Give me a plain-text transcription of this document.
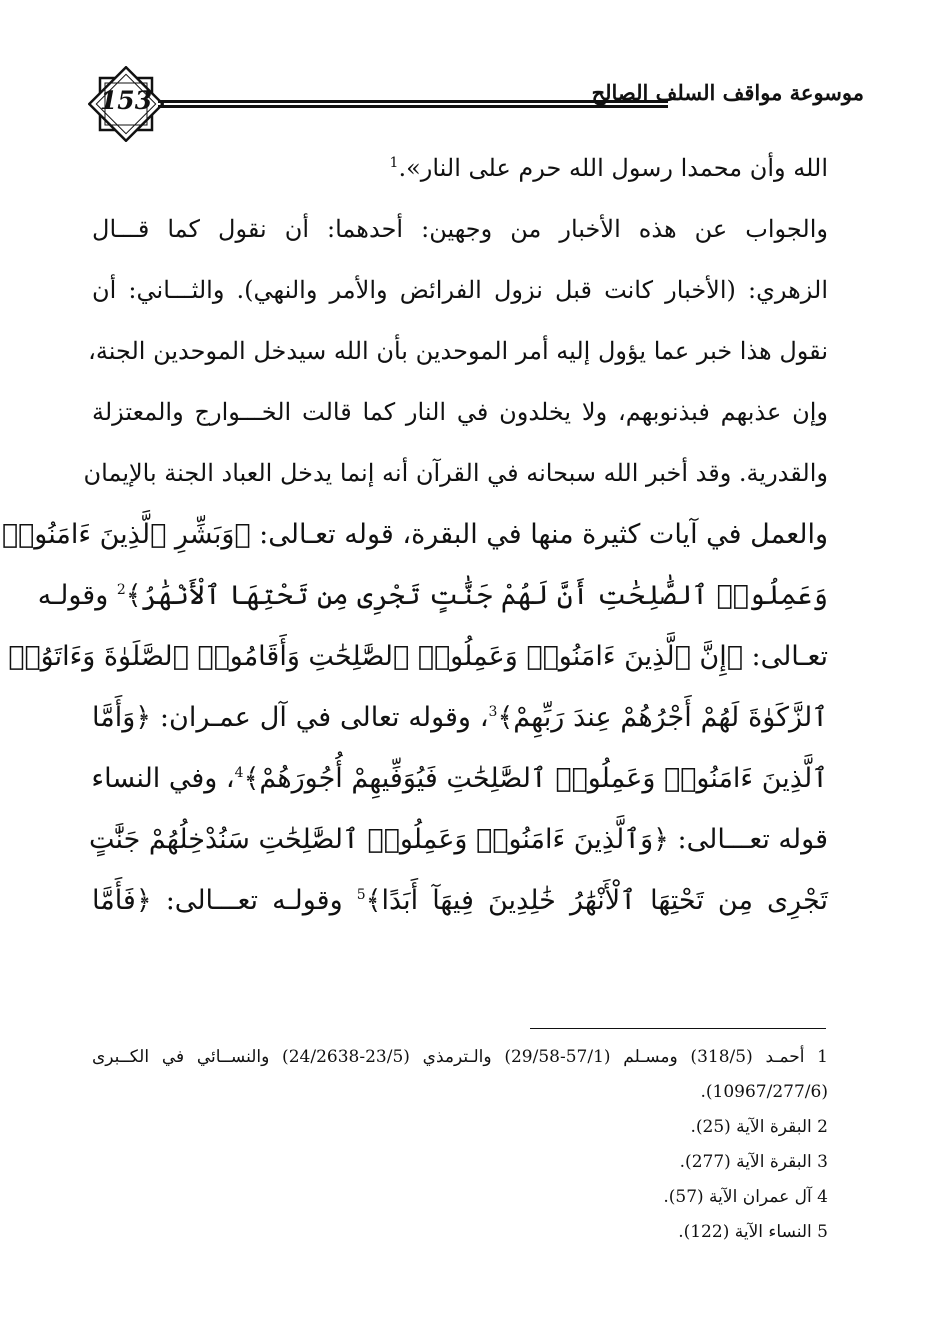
153	موسوعة مواقف السلف الصالح
الله وأن محمدا رسول الله حرم على النار».$^1$
والجواب عن هذه الأخبار من وجهين: أحدهما: أن نقول كما قـــال
الزهري: (الأخبار كانت قبل نزول الفرائض والأمر والنهي). والثـــاني: أن
نقول هذا خبر عما يؤول إليه أمر الموحدين بأن الله سيدخل الموحدين الجنة،
وإن عذبهم فبذنوبهم، ولا يخلدون في النار كما قالت الخـــوارج والمعتزلة
والقدرية. وقد أخبر الله سبحانه في القرآن أنه إنما يدخل العباد الجنة بالإيمان
والعمل في آيات كثيرة منها في البقرة، قوله تعـالى: ﴿وَبَشِّرِ ٱلَّذِينَ ءَامَنُوا۟
وَعَمِلُوا۟ ٱلصَّٰلِحَٰتِ أَنَّ لَهُمْ جَنَّٰتٍ تَجْرِى مِن تَحْتِهَا ٱلْأَنْهَٰرُ﴾$^2$ وقولـه
تعـالى: ﴿إِنَّ ٱلَّذِينَ ءَامَنُوا۟ وَعَمِلُوا۟ ٱلصَّٰلِحَٰتِ وَأَقَامُوا۟ ٱلصَّلَوٰةَ وَءَاتَوُا۟
ٱلزَّكَوٰةَ لَهُمْ أَجْرُهُمْ عِندَ رَبِّهِمْ﴾$^3$، وقوله تعالى في آل عمـران: ﴿وَأَمَّا
ٱلَّذِينَ ءَامَنُوا۟ وَعَمِلُوا۟ ٱلصَّٰلِحَٰتِ فَيُوَفِّيهِمْ أُجُورَهُمْ﴾$^4$، وفي النساء
قوله تعـــالى: ﴿وَٱلَّذِينَ ءَامَنُوا۟ وَعَمِلُوا۟ ٱلصَّٰلِحَٰتِ سَنُدْخِلُهُمْ جَنَّٰتٍ
تَجْرِى مِن تَحْتِهَا ٱلْأَنْهَٰرُ خَٰلِدِينَ فِيهَآ أَبَدًا﴾$^5$ وقولـه تعـــالى: ﴿فَأَمَّا
1 أحمـد (318/5) ومسـلم (57/1-29/58) والـترمذي (23/5-24/2638) والنســائي في الكــبرى
(10967/277/6).
2 البقرة الآية (25).
3 البقرة الآية (277).
4 آل عمران الآية (57).
5 النساء الآية (122).
